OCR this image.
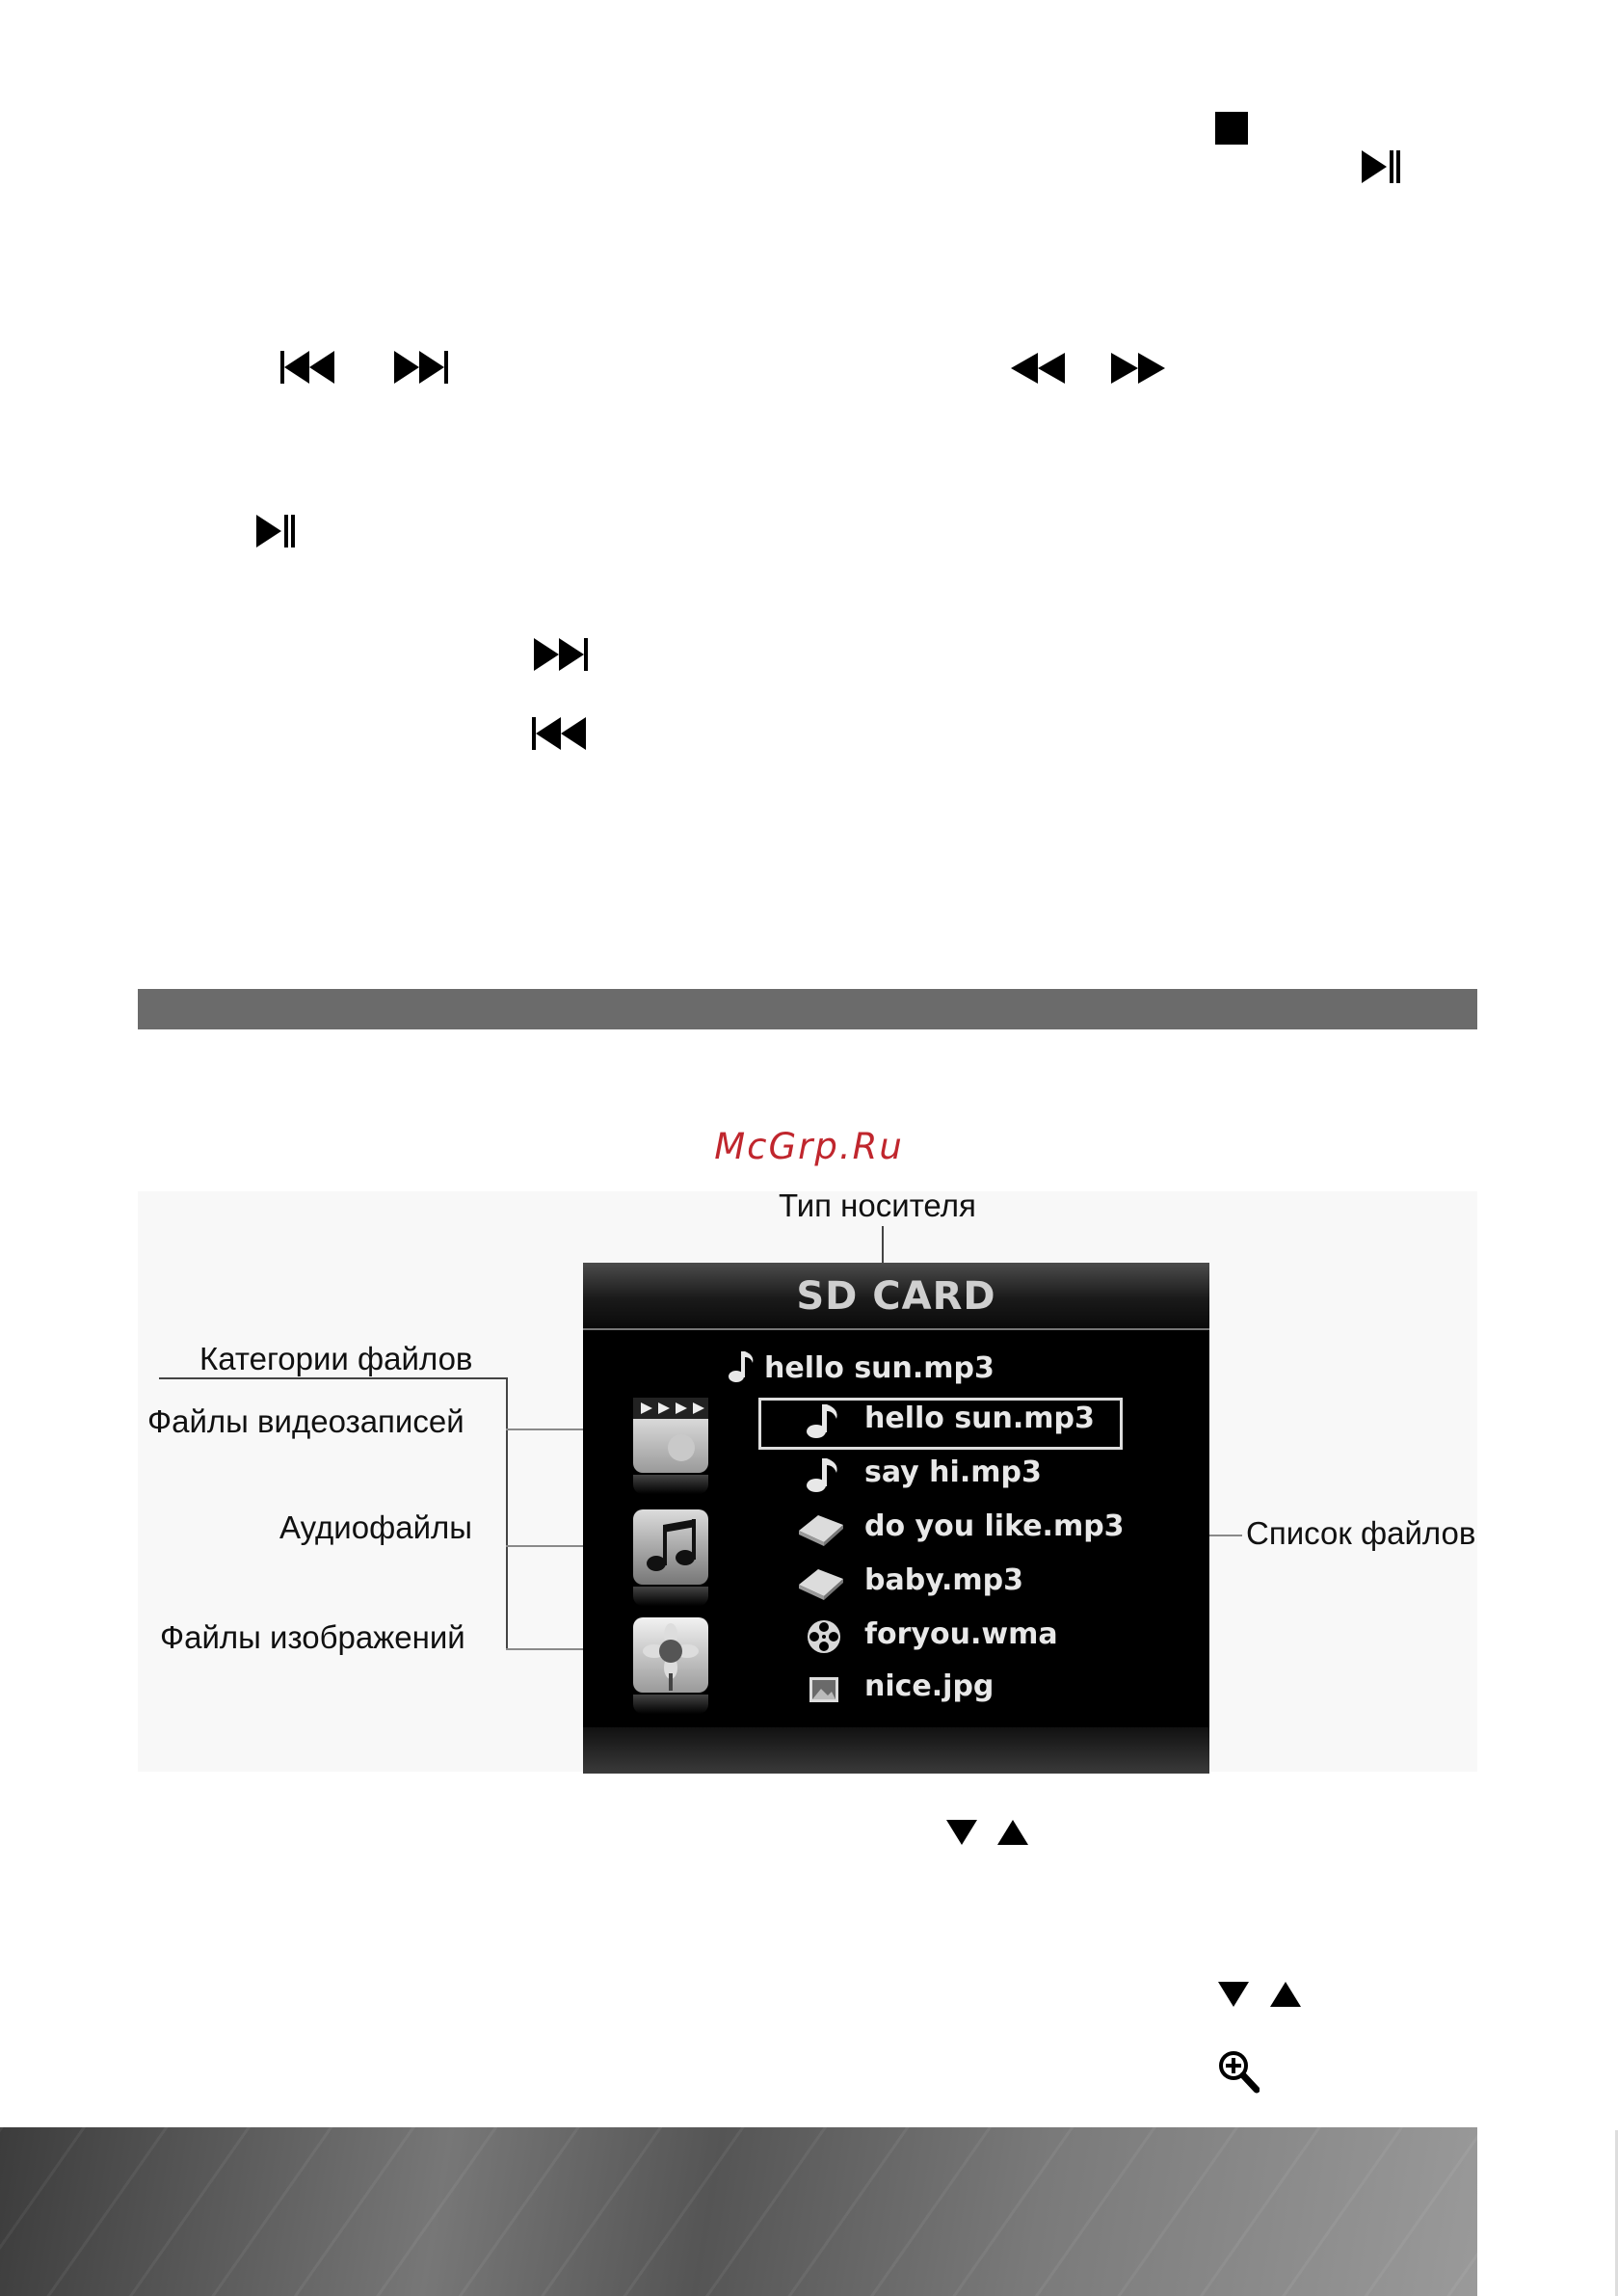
McGrp.Ru
Тип носителя
Категории файлов
Файлы видеозаписей
Аудиофайлы
Файлы изображений
Список файлов
SD CARD
hello sun.mp3
hello sun.mp3
say hi.mp3
do you like.mp3
baby.mp3
foryou.wma
nice.jpg
